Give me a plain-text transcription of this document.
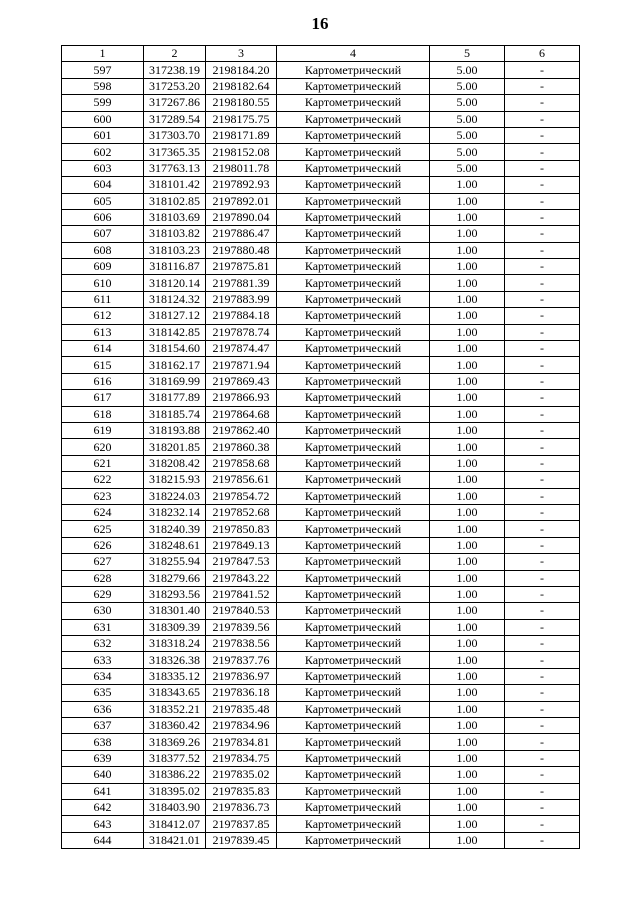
16
1	2	3	4	5	6
597	317238.19	2198184.20	Картометрический	5.00	-
598	317253.20	2198182.64	Картометрический	5.00	-
599	317267.86	2198180.55	Картометрический	5.00	-
600	317289.54	2198175.75	Картометрический	5.00	-
601	317303.70	2198171.89	Картометрический	5.00	-
602	317365.35	2198152.08	Картометрический	5.00	-
603	317763.13	2198011.78	Картометрический	5.00	-
604	318101.42	2197892.93	Картометрический	1.00	-
605	318102.85	2197892.01	Картометрический	1.00	-
606	318103.69	2197890.04	Картометрический	1.00	-
607	318103.82	2197886.47	Картометрический	1.00	-
608	318103.23	2197880.48	Картометрический	1.00	-
609	318116.87	2197875.81	Картометрический	1.00	-
610	318120.14	2197881.39	Картометрический	1.00	-
611	318124.32	2197883.99	Картометрический	1.00	-
612	318127.12	2197884.18	Картометрический	1.00	-
613	318142.85	2197878.74	Картометрический	1.00	-
614	318154.60	2197874.47	Картометрический	1.00	-
615	318162.17	2197871.94	Картометрический	1.00	-
616	318169.99	2197869.43	Картометрический	1.00	-
617	318177.89	2197866.93	Картометрический	1.00	-
618	318185.74	2197864.68	Картометрический	1.00	-
619	318193.88	2197862.40	Картометрический	1.00	-
620	318201.85	2197860.38	Картометрический	1.00	-
621	318208.42	2197858.68	Картометрический	1.00	-
622	318215.93	2197856.61	Картометрический	1.00	-
623	318224.03	2197854.72	Картометрический	1.00	-
624	318232.14	2197852.68	Картометрический	1.00	-
625	318240.39	2197850.83	Картометрический	1.00	-
626	318248.61	2197849.13	Картометрический	1.00	-
627	318255.94	2197847.53	Картометрический	1.00	-
628	318279.66	2197843.22	Картометрический	1.00	-
629	318293.56	2197841.52	Картометрический	1.00	-
630	318301.40	2197840.53	Картометрический	1.00	-
631	318309.39	2197839.56	Картометрический	1.00	-
632	318318.24	2197838.56	Картометрический	1.00	-
633	318326.38	2197837.76	Картометрический	1.00	-
634	318335.12	2197836.97	Картометрический	1.00	-
635	318343.65	2197836.18	Картометрический	1.00	-
636	318352.21	2197835.48	Картометрический	1.00	-
637	318360.42	2197834.96	Картометрический	1.00	-
638	318369.26	2197834.81	Картометрический	1.00	-
639	318377.52	2197834.75	Картометрический	1.00	-
640	318386.22	2197835.02	Картометрический	1.00	-
641	318395.02	2197835.83	Картометрический	1.00	-
642	318403.90	2197836.73	Картометрический	1.00	-
643	318412.07	2197837.85	Картометрический	1.00	-
644	318421.01	2197839.45	Картометрический	1.00	-
